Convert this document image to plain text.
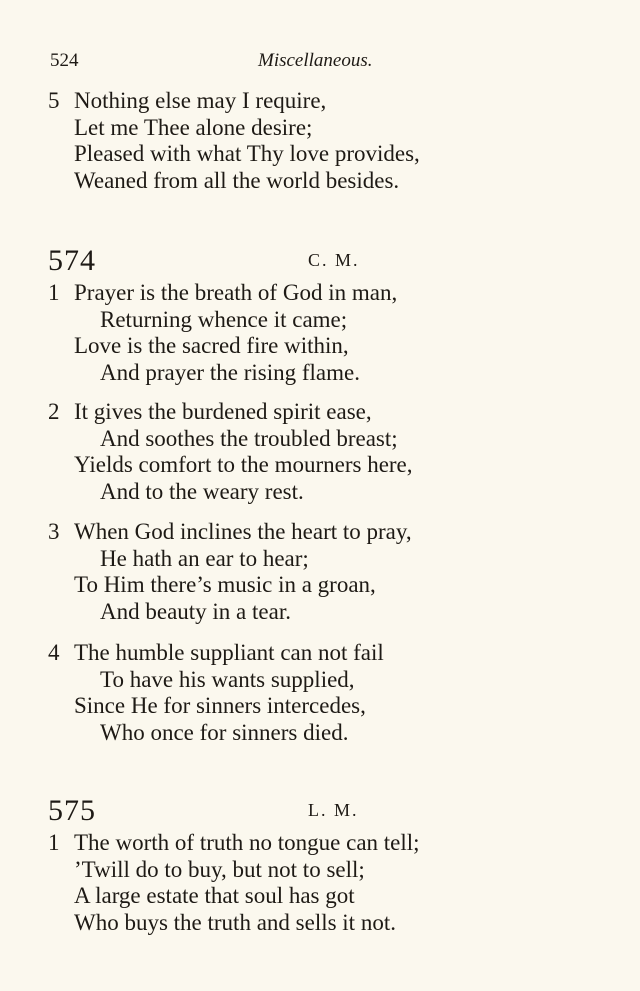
524	Miscellaneous.
5 Nothing else may I require,
Let me Thee alone desire;
Pleased with what Thy love provides,
Weaned from all the world besides.
574	C. M.
1 Prayer is the breath of God in man,
Returning whence it came;
Love is the sacred fire within,
And prayer the rising flame.
2 It gives the burdened spirit ease,
And soothes the troubled breast;
Yields comfort to the mourners here,
And to the weary rest.
3 When God inclines the heart to pray,
He hath an ear to hear;
To Him there’s music in a groan,
And beauty in a tear.
4 The humble suppliant can not fail
To have his wants supplied,
Since He for sinners intercedes,
Who once for sinners died.
575	L. M.
1 The worth of truth no tongue can tell;
’Twill do to buy, but not to sell;
A large estate that soul has got
Who buys the truth and sells it not.
